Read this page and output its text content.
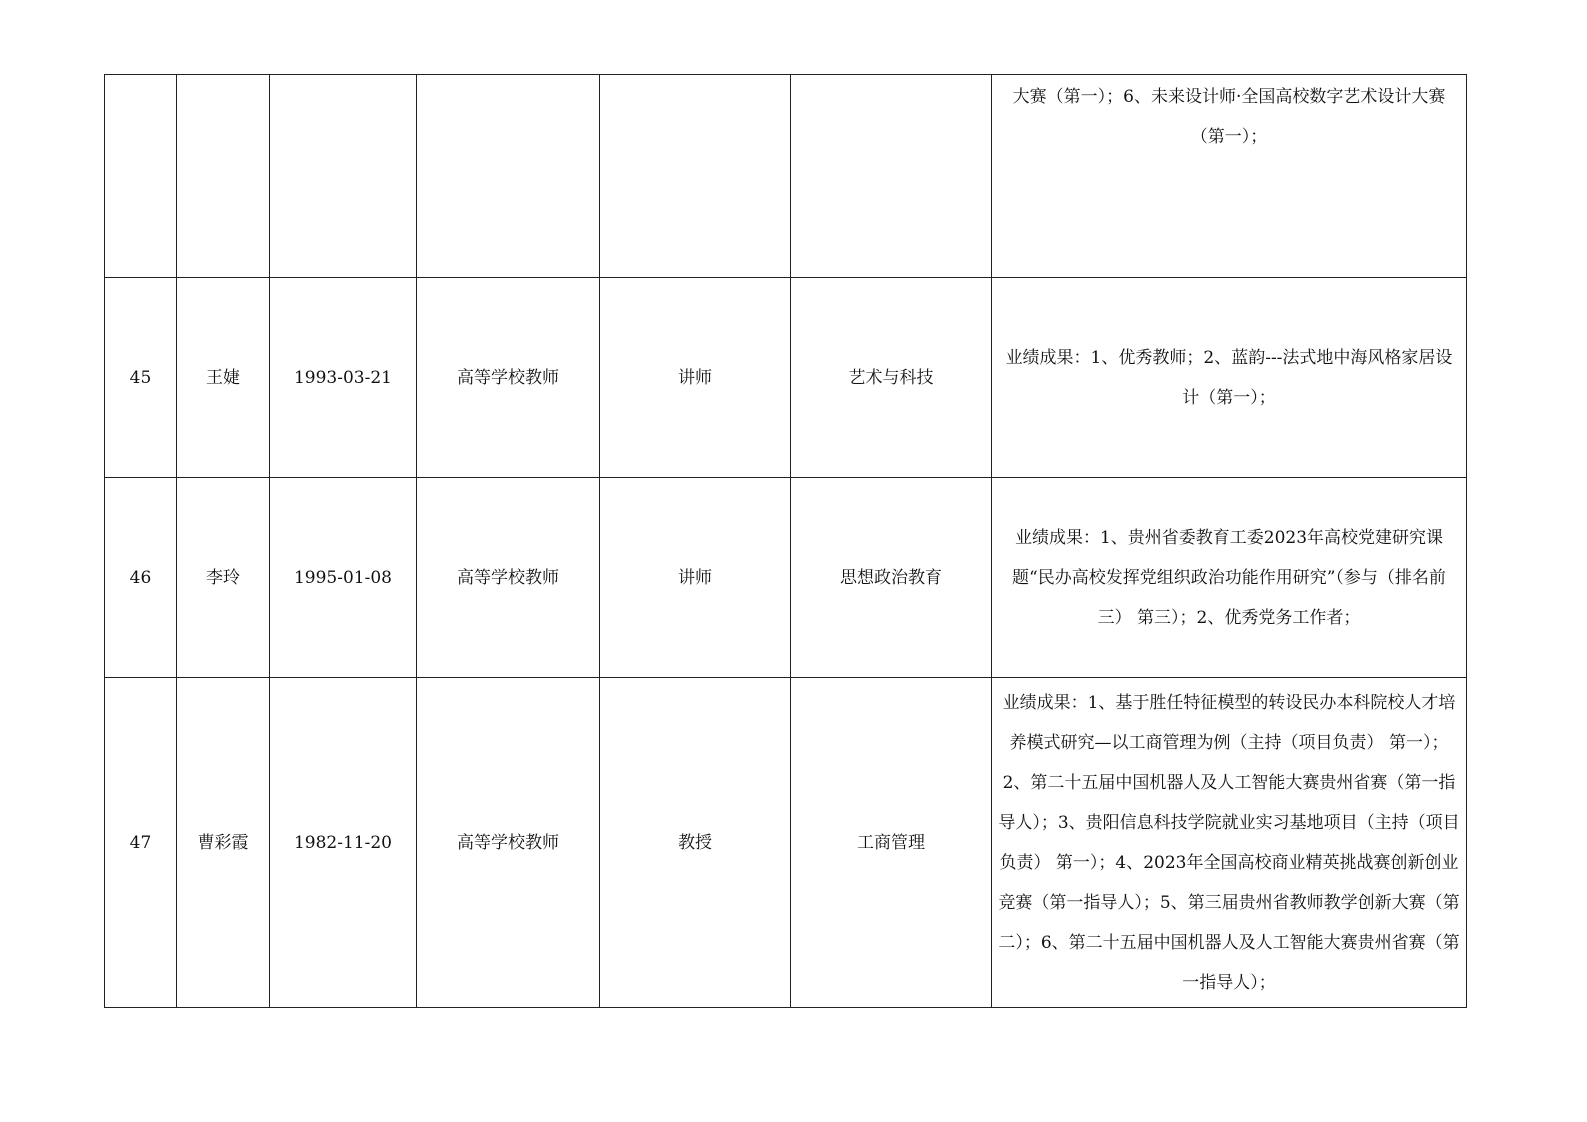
						大赛（第一）；6、未来设计师·全国高校数字艺术设计大赛（第一）；
45	王婕	1993-03-21	高等学校教师	讲师	艺术与科技	业绩成果：1、优秀教师；2、蓝韵---法式地中海风格家居设计（第一）；
46	李玲	1995-01-08	高等学校教师	讲师	思想政治教育	业绩成果：1、贵州省委教育工委2023年高校党建研究课题“民办高校发挥党组织政治功能作用研究”（参与（排名前三） 第三）；2、优秀党务工作者；
47	曹彩霞	1982-11-20	高等学校教师	教授	工商管理	业绩成果：1、基于胜任特征模型的转设民办本科院校人才培养模式研究—以工商管理为例（主持（项目负责） 第一）；2、第二十五届中国机器人及人工智能大赛贵州省赛（第一指导人）；3、贵阳信息科技学院就业实习基地项目（主持（项目负责） 第一）；4、2023年全国高校商业精英挑战赛创新创业竞赛（第一指导人）；5、第三届贵州省教师教学创新大赛（第二）；6、第二十五届中国机器人及人工智能大赛贵州省赛（第一指导人）；
